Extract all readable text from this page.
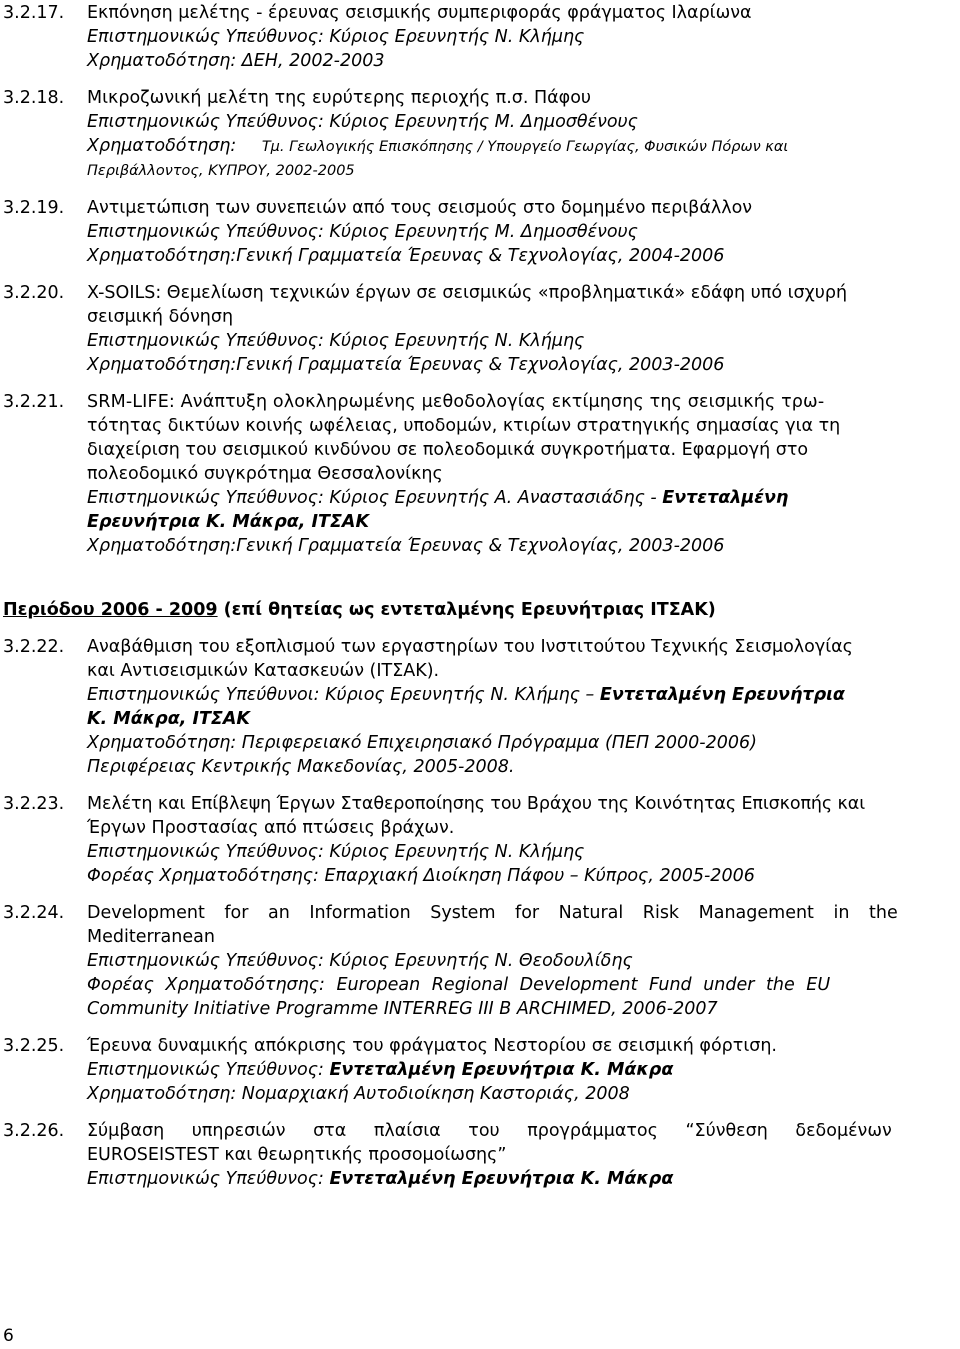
3.2.17. Εκπόνηση μελέτης - έρευνας σεισμικής συμπεριφοράς φράγματος Ιλαρίωνα
Επιστημονικώς Υπεύθυνος: Κύριος Ερευνητής Ν. Κλήμης
Χρηματοδότηση: ΔΕΗ, 2002-2003
3.2.18. Μικροζωνική μελέτη της ευρύτερης περιοχής π.σ. Πάφου
Επιστημονικώς Υπεύθυνος: Κύριος Ερευνητής Μ. Δημοσθένους
Χρηματοδότηση: Τμ. Γεωλογικής Επισκόπησης / Υπουργείο Γεωργίας, Φυσικών Πόρων και
Περιβάλλοντος, ΚΥΠΡΟΥ, 2002-2005
3.2.19. Αντιμετώπιση των συνεπειών από τους σεισμούς στο δομημένο περιβάλλον
Επιστημονικώς Υπεύθυνος: Κύριος Ερευνητής Μ. Δημοσθένους
Χρηματοδότηση:Γενική Γραμματεία Έρευνας & Τεχνολογίας, 2004-2006
3.2.20. X-SOILS: Θεμελίωση τεχνικών έργων σε σεισμικώς «προβληματικά» εδάφη υπό ισχυρή
σεισμική δόνηση
Επιστημονικώς Υπεύθυνος: Κύριος Ερευνητής Ν. Κλήμης
Χρηματοδότηση:Γενική Γραμματεία Έρευνας & Τεχνολογίας, 2003-2006
3.2.21. SRM-LIFE: Ανάπτυξη ολοκληρωμένης μεθοδολογίας εκτίμησης της σεισμικής τρω-
τότητας δικτύων κοινής ωφέλειας, υποδομών, κτιρίων στρατηγικής σημασίας για τη
διαχείριση του σεισμικού κινδύνου σε πολεοδομικά συγκροτήματα. Εφαρμογή στο
πολεοδομικό συγκρότημα Θεσσαλονίκης
Επιστημονικώς Υπεύθυνος: Κύριος Ερευνητής Α. Αναστασιάδης - Εντεταλμένη
Ερευνήτρια Κ. Μάκρα, ΙΤΣΑΚ
Χρηματοδότηση:Γενική Γραμματεία Έρευνας & Τεχνολογίας, 2003-2006
Περιόδου 2006 - 2009 (επί θητείας ως εντεταλμένης Ερευνήτριας ΙΤΣΑΚ)
3.2.22. Αναβάθμιση του εξοπλισμού των εργαστηρίων του Ινστιτούτου Τεχνικής Σεισμολογίας
και Αντισεισμικών Κατασκευών (ΙΤΣΑΚ).
Επιστημονικώς Υπεύθυνοι: Κύριος Ερευνητής Ν. Κλήμης – Εντεταλμένη Ερευνήτρια
Κ. Μάκρα, ΙΤΣΑΚ
Χρηματοδότηση: Περιφερειακό Επιχειρησιακό Πρόγραμμα (ΠΕΠ 2000-2006)
Περιφέρειας Κεντρικής Μακεδονίας, 2005-2008.
3.2.23. Μελέτη και Επίβλεψη Έργων Σταθεροποίησης του Βράχου της Κοινότητας Επισκοπής και
Έργων Προστασίας από πτώσεις βράχων.
Επιστημονικώς Υπεύθυνος: Κύριος Ερευνητής Ν. Κλήμης
Φορέας Χρηματοδότησης: Επαρχιακή Διοίκηση Πάφου – Κύπρος, 2005-2006
3.2.24. Development for an Information System for Natural Risk Management in the
Mediterranean
Επιστημονικώς Υπεύθυνος: Κύριος Ερευνητής Ν. Θεοδουλίδης
Φορέας Χρηματοδότησης: European Regional Development Fund under the EU
Community Initiative Programme INTERREG III B ARCHIMED, 2006-2007
3.2.25. Έρευνα δυναμικής απόκρισης του φράγματος Νεστορίου σε σεισμική φόρτιση.
Επιστημονικώς Υπεύθυνος: Εντεταλμένη Ερευνήτρια Κ. Μάκρα
Χρηματοδότηση: Νομαρχιακή Αυτοδιοίκηση Καστοριάς, 2008
3.2.26. Σύμβαση υπηρεσιών στα πλαίσια του προγράμματος “Σύνθεση δεδομένων
EUROSEISTEST και θεωρητικής προσομοίωσης”
Επιστημονικώς Υπεύθυνος: Εντεταλμένη Ερευνήτρια Κ. Μάκρα
6
